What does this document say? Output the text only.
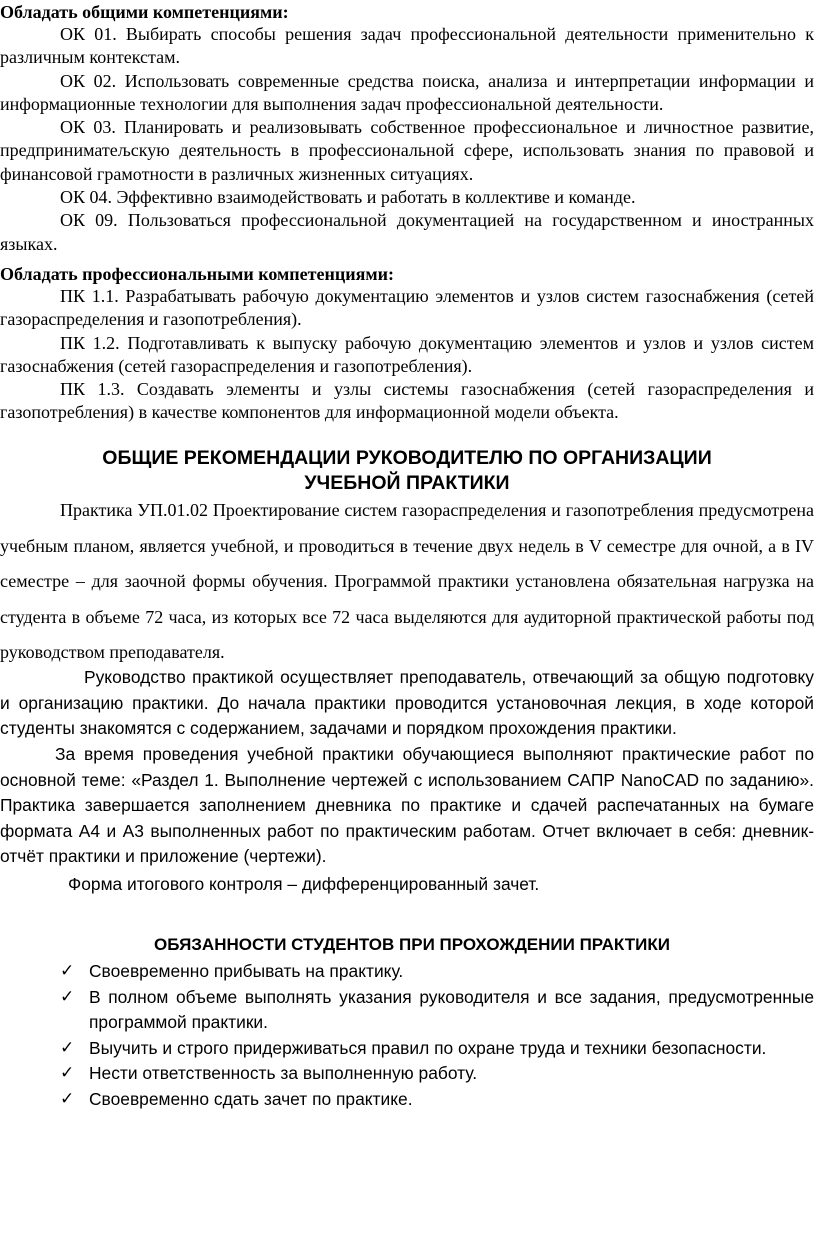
Обладать общими компетенциями:

ОК 01. Выбирать способы решения задач профессиональной деятельности применительно к различным контекстам.

ОК 02. Использовать современные средства поиска, анализа и интерпретации информации и информационные технологии для выполнения задач профессиональной деятельности.

ОК 03. Планировать и реализовывать собственное профессиональное и личностное развитие, предприниматељскую деятельность в профессиональной сфере, использовать знания по правовой и финансовой грамотности в различных жизненных ситуациях.

ОК 04. Эффективно взаимодействовать и работать в коллективе и команде.

ОК 09. Пользоваться профессиональной документацией на государственном и иностранных языках.

Обладать профессиональными компетенциями:

ПК 1.1. Разрабатывать рабочую документацию элементов и узлов систем газоснабжения (сетей газораспределения и газопотребления).

ПК 1.2. Подготавливать к выпуску рабочую документацию элементов и узлов и узлов систем газоснабжения (сетей газораспределения и газопотребления).

ПК 1.3. Создавать элементы и узлы системы газоснабжения (сетей газораспределения и газопотребления) в качестве компонентов для информационной модели объекта.

ОБЩИЕ РЕКОМЕНДАЦИИ РУКОВОДИТЕЛЮ ПО ОРГАНИЗАЦИИ

УЧЕБНОЙ ПРАКТИКИ

Практика УП.01.02 Проектирование систем газораспределения и газопотребления предусмотрена учебным планом, является учебной, и проводиться в течение двух недель в V семестре для очной, а в IV семестре – для заочной формы обучения. Программой практики установлена обязательная нагрузка на студента в объеме 72 часа, из которых все 72 часа выделяются для аудиторной практической работы под руководством преподавателя.

Руководство практикой осуществляет преподаватель, отвечающий за общую подготовку и организацию практики. До начала практики проводится установочная лекция, в ходе которой студенты знакомятся с содержанием, задачами и порядком прохождения практики.

За время проведения учебной практики обучающиеся выполняют практические работ по основной теме: «Раздел 1. Выполнение чертежей с использованием САПР NanoCAD по заданию». Практика завершается заполнением дневника по практике и сдачей распечатанных на бумаге формата А4 и А3 выполненных работ по практическим работам. Отчет включает в себя: дневник-отчёт практики и приложение (чертежи).

Форма итогового контроля – дифференцированный зачет.

ОБЯЗАННОСТИ СТУДЕНТОВ ПРИ ПРОХОЖДЕНИИ ПРАКТИКИ

✓ Своевременно прибывать на практику.
✓ В полном объеме выполнять указания руководителя и все задания, предусмотренные программой практики.
✓ Выучить и строго придерживаться правил по охране труда и техники безопасности.
✓ Нести ответственность за выполненную работу.
✓ Своевременно сдать зачет по практике.
